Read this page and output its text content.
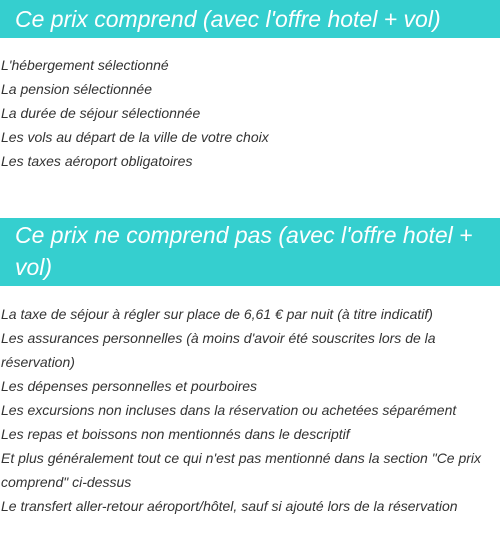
Ce prix comprend (avec l'offre hotel + vol)
L'hébergement sélectionné
La pension sélectionnée
La durée de séjour sélectionnée
Les vols au départ de la ville de votre choix
Les taxes aéroport obligatoires
Ce prix ne comprend pas (avec l'offre hotel + vol)
La taxe de séjour à régler sur place de 6,61 € par nuit (à titre indicatif)
Les assurances personnelles (à moins d'avoir été souscrites lors de la réservation)
Les dépenses personnelles et pourboires
Les excursions non incluses dans la réservation ou achetées séparément
Les repas et boissons non mentionnés dans le descriptif
Et plus généralement tout ce qui n'est pas mentionné dans la section "Ce prix comprend" ci-dessus
Le transfert aller-retour aéroport/hôtel, sauf si ajouté lors de la réservation
